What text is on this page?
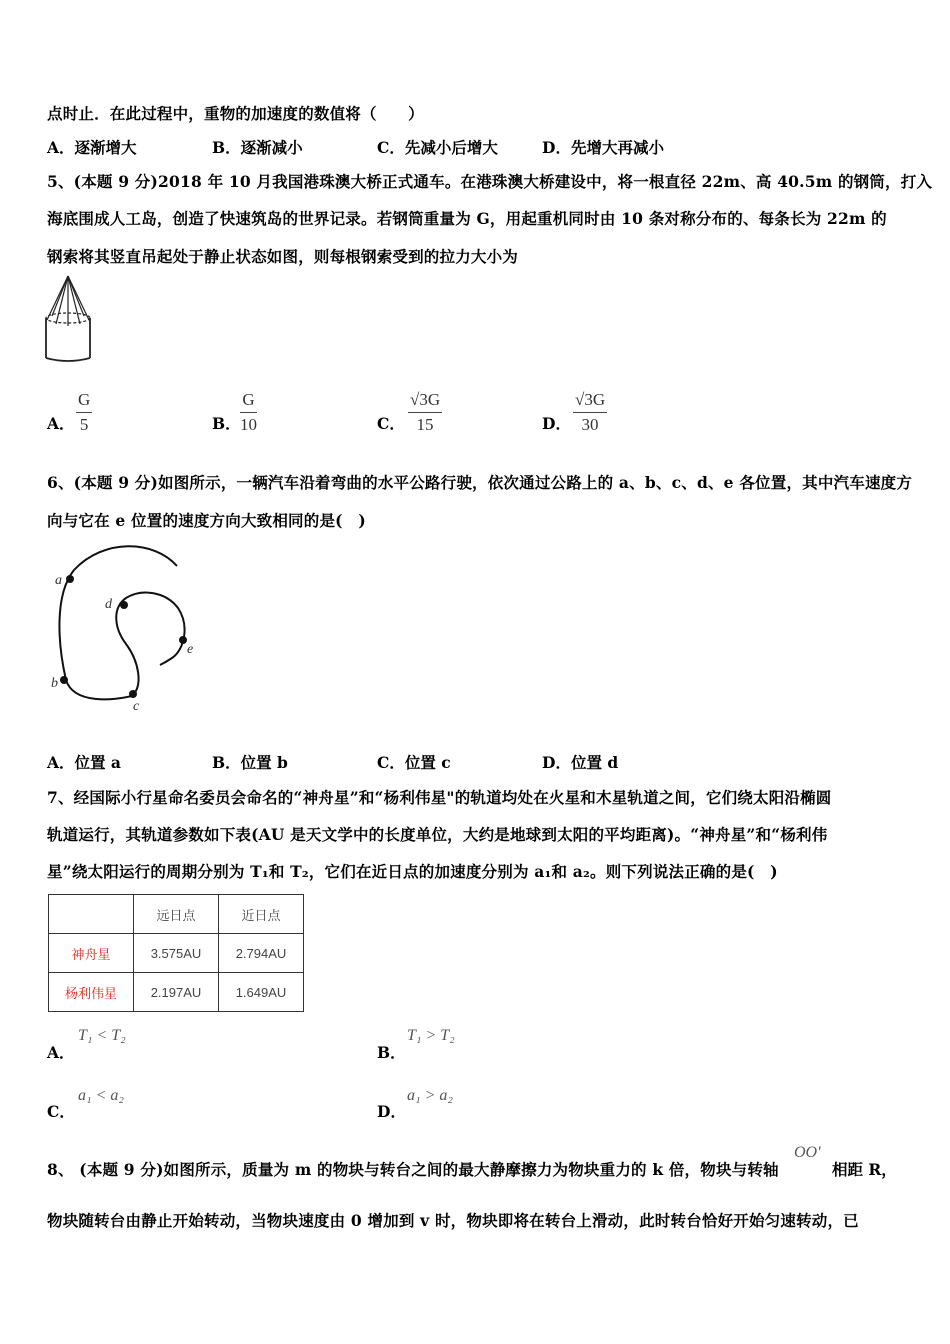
点时止．在此过程中，重物的加速度的数值将（　　）
A．逐渐增大	B．逐渐减小	C．先减小后增大	D．先增大再减小
5、(本题 9 分)2018 年 10 月我国港珠澳大桥正式通车。在港珠澳大桥建设中，将一根直径 22m、高 40.5m 的钢筒，打入
海底围成人工岛，创造了快速筑岛的世界记录。若钢筒重量为 G，用起重机同时由 10 条对称分布的、每条长为 22m 的
钢索将其竖直吊起处于静止状态如图，则每根钢索受到的拉力大小为
A． $\frac{G}{5}$	B． $\frac{G}{10}$	C． $\frac{√3G}{15}$	D． $\frac{√3G}{30}$
6、(本题 9 分)如图所示，一辆汽车沿着弯曲的水平公路行驶，依次通过公路上的 a、b、c、d、e 各位置，其中汽车速度方
向与它在 e 位置的速度方向大致相同的是(　)
a
b
c
d
e
A．位置 a	B．位置 b	C．位置 c	D．位置 d
7、经国际小行星命名委员会命名的“神舟星”和“杨利伟星"的轨道均处在火星和木星轨道之间，它们绕太阳沿椭圆
轨道运行，其轨道参数如下表(AU 是天文学中的长度单位，大约是地球到太阳的平均距离)。“神舟星”和“杨利伟
星”绕太阳运行的周期分别为 T₁和 T₂，它们在近日点的加速度分别为 a₁和 a₂。则下列说法正确的是(　)
	远日点	近日点
神舟星	3.575AU	2.794AU
杨利伟星	2.197AU	1.649AU
A．
T₁ < T₂
B．
T₁ > T₂
C．
a₁ < a₂
D．
a₁ > a₂
8、 (本题 9 分)如图所示，质量为 m 的物块与转台之间的最大静摩擦力为物块重力的 k 倍，物块与转轴
OO'
相距 R，
物块随转台由静止开始转动，当物块速度由 0 增加到 v 时，物块即将在转台上滑动，此时转台恰好开始匀速转动，已
